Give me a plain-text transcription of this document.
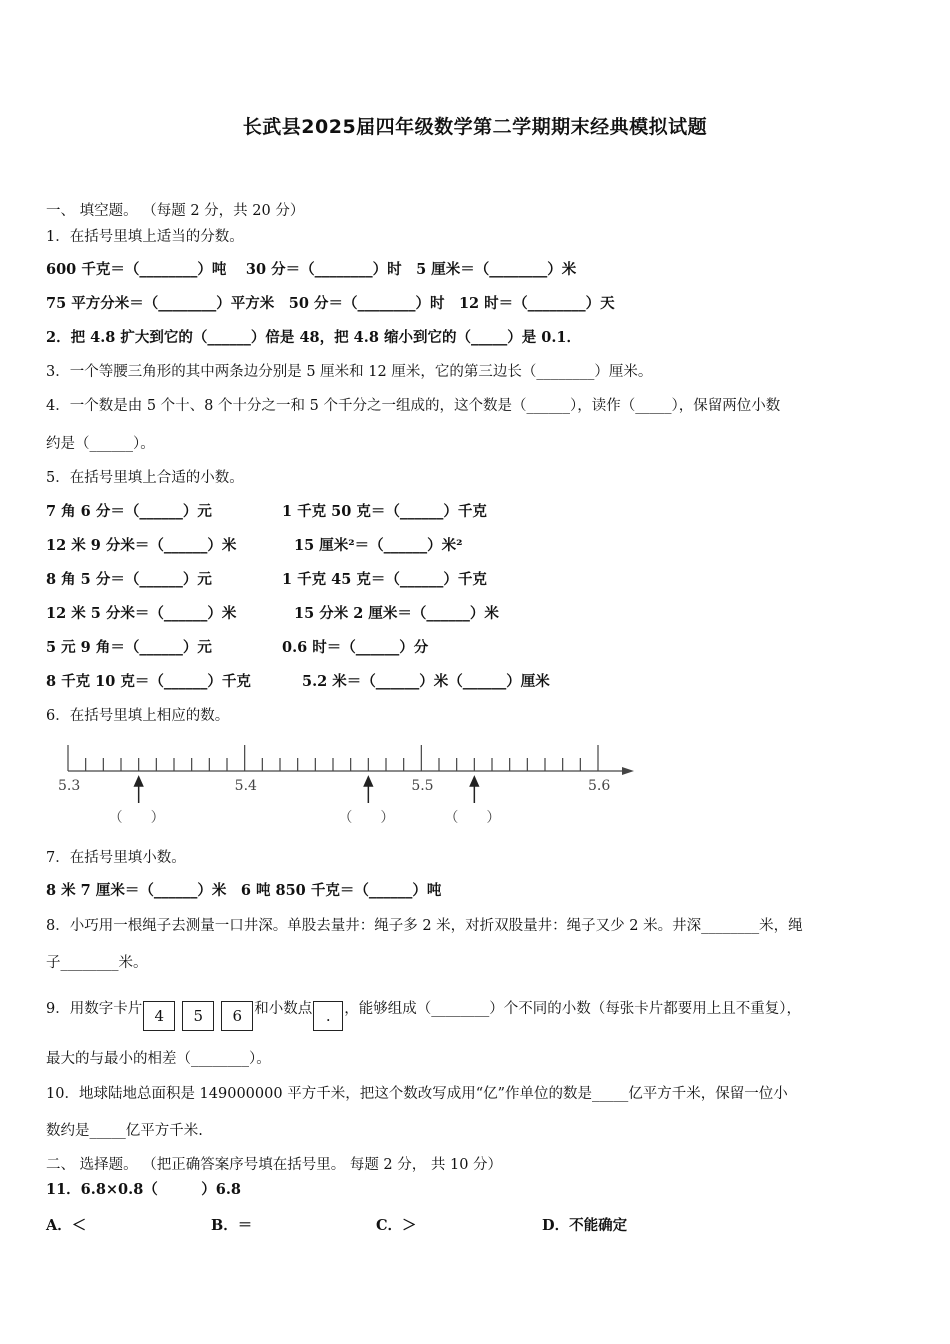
长武县2025届四年级数学第二学期期末经典模拟试题
一、 填空题。 （每题 2 分，共 20 分）
1．在括号里填上适当的分数。
600 千克＝（________）吨　 30 分＝（________）时　5 厘米＝（________）米
75 平方分米＝（________）平方米　50 分＝（________）时　12 时＝（________）天
2．把 4.8 扩大到它的（______）倍是 48，把 4.8 缩小到它的（_____）是 0.1．
3．一个等腰三角形的其中两条边分别是 5 厘米和 12 厘米，它的第三边长（________）厘米。
4．一个数是由 5 个十、8 个十分之一和 5 个千分之一组成的，这个数是（______），读作（_____），保留两位小数
约是（______）。
5．在括号里填上合适的小数。
7 角 6 分＝（______）元	1 千克 50 克＝（______）千克
12 米 9 分米＝（______）米	15 厘米²＝（______）米²
8 角 5 分＝（______）元	1 千克 45 克＝（______）千克
12 米 5 分米＝（______）米	15 分米 2 厘米＝（______）米
5 元 9 角＝（______）元	0.6 时＝（______）分
8 千克 10 克＝（______）千克	5.2 米＝（______）米（______）厘米
6．在括号里填上相应的数。
5.3	5.4	5.5	5.6
（　　）	（　　）	（　　）
7．在括号里填小数。
8 米 7 厘米＝（______）米　6 吨 850 千克＝（______）吨
8．小巧用一根绳子去测量一口井深。单股去量井：绳子多 2 米，对折双股量井：绳子又少 2 米。井深________米，绳
子________米。
9．用数字卡片 4 5 6 和小数点 . ，能够组成（________）个不同的小数（每张卡片都要用上且不重复），
最大的与最小的相差（________）。
10．地球陆地总面积是 149000000 平方千米，把这个数改写成用“亿”作单位的数是_____亿平方千米，保留一位小
数约是_____亿平方千米.
二、 选择题。 （把正确答案序号填在括号里。 每题 2 分， 共 10 分）
11．6.8×0.8（　　　）6.8
A．＜	B．＝	C．＞	D．不能确定
